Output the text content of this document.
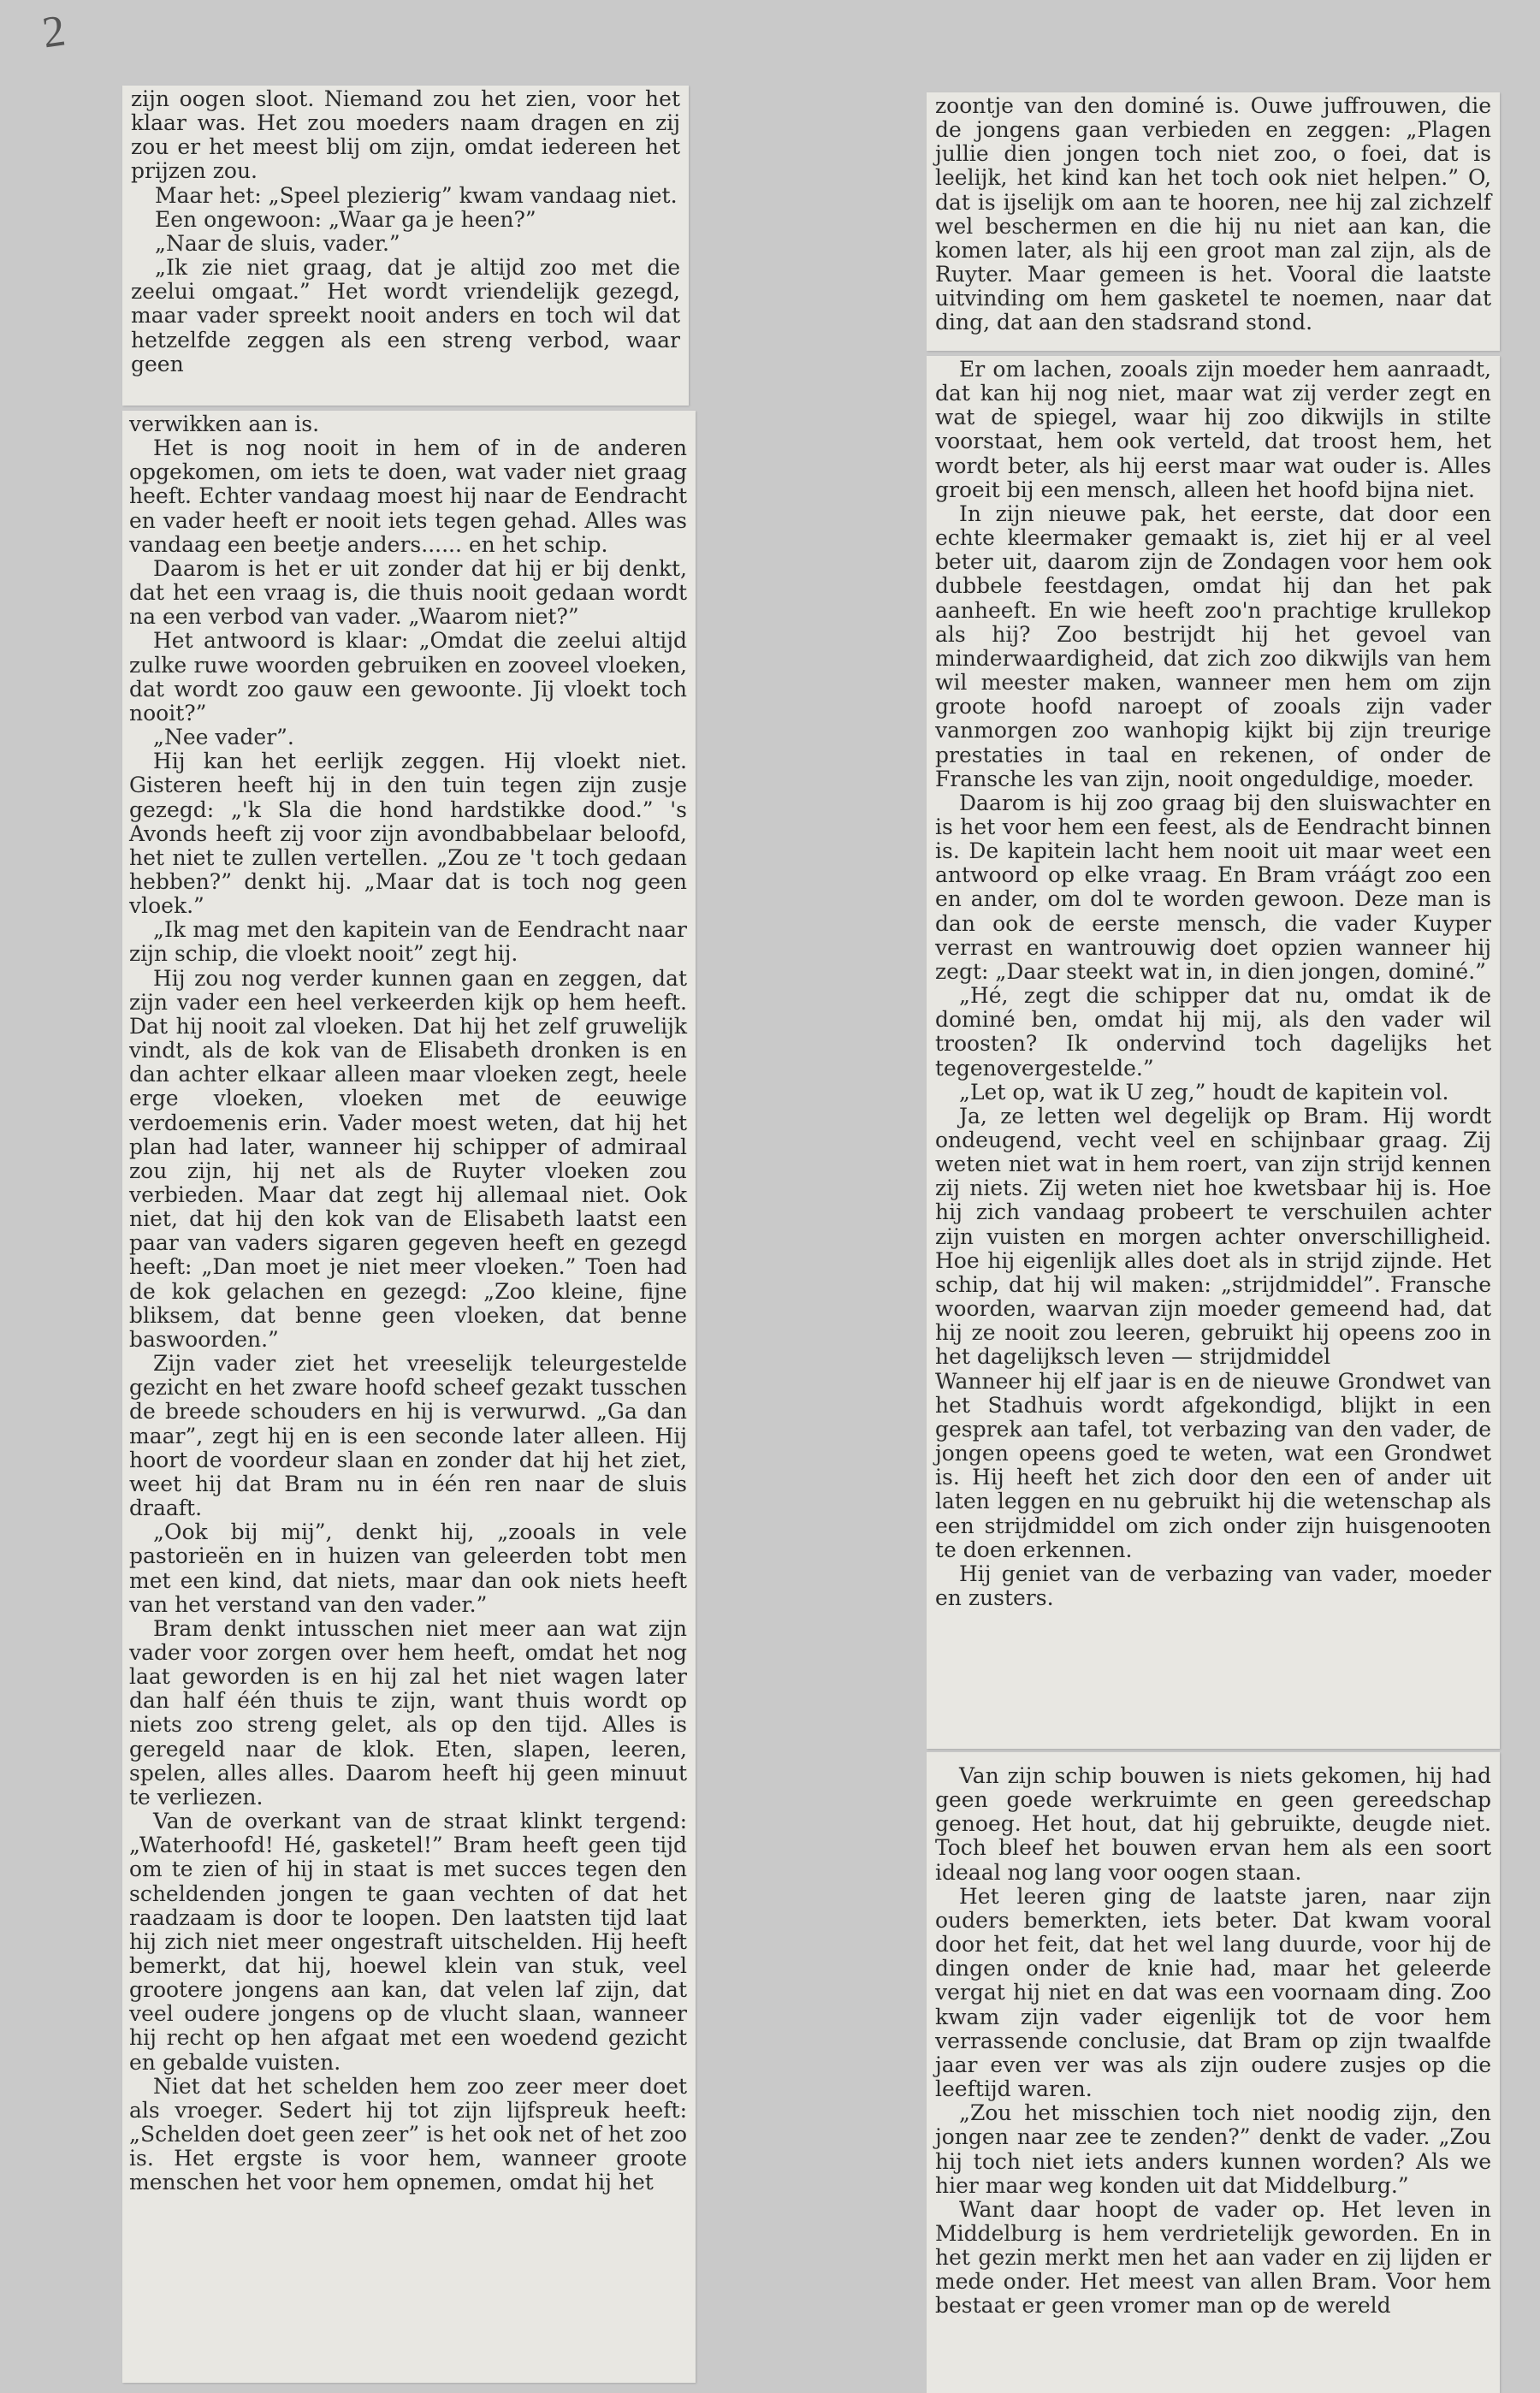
2

zijn oogen sloot. Niemand zou het zien, voor het klaar was. Het zou moeders naam dragen en zij zou er het meest blij om zijn, omdat iedereen het prijzen zou.

Maar het: „Speel plezierig” kwam vandaag niet.

Een ongewoon: „Waar ga je heen?”

„Naar de sluis, vader.”

„Ik zie niet graag, dat je altijd zoo met die zeelui omgaat.” Het wordt vriendelijk gezegd, maar vader spreekt nooit anders en toch wil dat hetzelfde zeggen als een streng verbod, waar geen

verwikken aan is.

Het is nog nooit in hem of in de anderen opgekomen, om iets te doen, wat vader niet graag heeft. Echter vandaag moest hij naar de Eendracht en vader heeft er nooit iets tegen gehad. Alles was vandaag een beetje anders...... en het schip.

Daarom is het er uit zonder dat hij er bij denkt, dat het een vraag is, die thuis nooit gedaan wordt na een verbod van vader. „Waarom niet?”

Het antwoord is klaar: „Omdat die zeelui altijd zulke ruwe woorden gebruiken en zooveel vloeken, dat wordt zoo gauw een gewoonte. Jij vloekt toch nooit?”

„Nee vader”.

Hij kan het eerlijk zeggen. Hij vloekt niet. Gisteren heeft hij in den tuin tegen zijn zusje gezegd: „'k Sla die hond hardstikke dood.” 's Avonds heeft zij voor zijn avondbabbelaar beloofd, het niet te zullen vertellen. „Zou ze 't toch gedaan hebben?” denkt hij. „Maar dat is toch nog geen vloek.”

„Ik mag met den kapitein van de Eendracht naar zijn schip, die vloekt nooit” zegt hij.

Hij zou nog verder kunnen gaan en zeggen, dat zijn vader een heel verkeerden kijk op hem heeft. Dat hij nooit zal vloeken. Dat hij het zelf gruwelijk vindt, als de kok van de Elisabeth dronken is en dan achter elkaar alleen maar vloeken zegt, heele erge vloeken, vloeken met de eeuwige verdoemenis erin. Vader moest weten, dat hij het plan had later, wanneer hij schipper of admiraal zou zijn, hij net als de Ruyter vloeken zou verbieden. Maar dat zegt hij allemaal niet. Ook niet, dat hij den kok van de Elisabeth laatst een paar van vaders sigaren gegeven heeft en gezegd heeft: „Dan moet je niet meer vloeken.” Toen had de kok gelachen en gezegd: „Zoo kleine, fijne bliksem, dat benne geen vloeken, dat benne baswoorden.”

Zijn vader ziet het vreeselijk teleurgestelde gezicht en het zware hoofd scheef gezakt tusschen de breede schouders en hij is verwurwd. „Ga dan maar”, zegt hij en is een seconde later alleen. Hij hoort de voordeur slaan en zonder dat hij het ziet, weet hij dat Bram nu in één ren naar de sluis draaft.

„Ook bij mij”, denkt hij, „zooals in vele pastorieën en in huizen van geleerden tobt men met een kind, dat niets, maar dan ook niets heeft van het verstand van den vader.”

Bram denkt intusschen niet meer aan wat zijn vader voor zorgen over hem heeft, omdat het nog laat geworden is en hij zal het niet wagen later dan half één thuis te zijn, want thuis wordt op niets zoo streng gelet, als op den tijd. Alles is geregeld naar de klok. Eten, slapen, leeren, spelen, alles alles. Daarom heeft hij geen minuut te verliezen.

Van de overkant van de straat klinkt tergend: „Waterhoofd! Hé, gasketel!” Bram heeft geen tijd om te zien of hij in staat is met succes tegen den scheldenden jongen te gaan vechten of dat het raadzaam is door te loopen. Den laatsten tijd laat hij zich niet meer ongestraft uitschelden. Hij heeft bemerkt, dat hij, hoewel klein van stuk, veel grootere jongens aan kan, dat velen laf zijn, dat veel oudere jongens op de vlucht slaan, wanneer hij recht op hen afgaat met een woedend gezicht en gebalde vuisten.

Niet dat het schelden hem zoo zeer meer doet als vroeger. Sedert hij tot zijn lijfspreuk heeft: „Schelden doet geen zeer” is het ook net of het zoo is. Het ergste is voor hem, wanneer groote menschen het voor hem opnemen, omdat hij het

zoontje van den dominé is. Ouwe juffrouwen, die de jongens gaan verbieden en zeggen: „Plagen jullie dien jongen toch niet zoo, o foei, dat is leelijk, het kind kan het toch ook niet helpen.” O, dat is ijselijk om aan te hooren, nee hij zal zichzelf wel beschermen en die hij nu niet aan kan, die komen later, als hij een groot man zal zijn, als de Ruyter. Maar gemeen is het. Vooral die laatste uitvinding om hem gasketel te noemen, naar dat ding, dat aan den stadsrand stond.

Er om lachen, zooals zijn moeder hem aanraadt, dat kan hij nog niet, maar wat zij verder zegt en wat de spiegel, waar hij zoo dikwijls in stilte voorstaat, hem ook verteld, dat troost hem, het wordt beter, als hij eerst maar wat ouder is. Alles groeit bij een mensch, alleen het hoofd bijna niet.

In zijn nieuwe pak, het eerste, dat door een echte kleermaker gemaakt is, ziet hij er al veel beter uit, daarom zijn de Zondagen voor hem ook dubbele feestdagen, omdat hij dan het pak aanheeft. En wie heeft zoo'n prachtige krullekop als hij? Zoo bestrijdt hij het gevoel van minderwaardigheid, dat zich zoo dikwijls van hem wil meester maken, wanneer men hem om zijn groote hoofd naroept of zooals zijn vader vanmorgen zoo wanhopig kijkt bij zijn treurige prestaties in taal en rekenen, of onder de Fransche les van zijn, nooit ongeduldige, moeder.

Daarom is hij zoo graag bij den sluiswachter en is het voor hem een feest, als de Eendracht binnen is. De kapitein lacht hem nooit uit maar weet een antwoord op elke vraag. En Bram vráágt zoo een en ander, om dol te worden gewoon. Deze man is dan ook de eerste mensch, die vader Kuyper verrast en wantrouwig doet opzien wanneer hij zegt: „Daar steekt wat in, in dien jongen, dominé.”

„Hé, zegt die schipper dat nu, omdat ik de dominé ben, omdat hij mij, als den vader wil troosten? Ik ondervind toch dagelijks het tegenovergestelde.”

„Let op, wat ik U zeg,” houdt de kapitein vol.

Ja, ze letten wel degelijk op Bram. Hij wordt ondeugend, vecht veel en schijnbaar graag. Zij weten niet wat in hem roert, van zijn strijd kennen zij niets. Zij weten niet hoe kwetsbaar hij is. Hoe hij zich vandaag probeert te verschuilen achter zijn vuisten en morgen achter onverschilligheid. Hoe hij eigenlijk alles doet als in strijd zijnde. Het schip, dat hij wil maken: „strijdmiddel”. Fransche woorden, waarvan zijn moeder gemeend had, dat hij ze nooit zou leeren, gebruikt hij opeens zoo in het dagelijksch leven — strijdmiddel

Wanneer hij elf jaar is en de nieuwe Grondwet van het Stadhuis wordt afgekondigd, blijkt in een gesprek aan tafel, tot verbazing van den vader, de jongen opeens goed te weten, wat een Grondwet is. Hij heeft het zich door den een of ander uit laten leggen en nu gebruikt hij die wetenschap als een strijdmiddel om zich onder zijn huisgenooten te doen erkennen.

Hij geniet van de verbazing van vader, moeder en zusters.

Van zijn schip bouwen is niets gekomen, hij had geen goede werkruimte en geen gereedschap genoeg. Het hout, dat hij gebruikte, deugde niet. Toch bleef het bouwen ervan hem als een soort ideaal nog lang voor oogen staan.

Het leeren ging de laatste jaren, naar zijn ouders bemerkten, iets beter. Dat kwam vooral door het feit, dat het wel lang duurde, voor hij de dingen onder de knie had, maar het geleerde vergat hij niet en dat was een voornaam ding. Zoo kwam zijn vader eigenlijk tot de voor hem verrassende conclusie, dat Bram op zijn twaalfde jaar even ver was als zijn oudere zusjes op die leeftijd waren.

„Zou het misschien toch niet noodig zijn, den jongen naar zee te zenden?” denkt de vader. „Zou hij toch niet iets anders kunnen worden? Als we hier maar weg konden uit dat Middelburg.”

Want daar hoopt de vader op. Het leven in Middelburg is hem verdrietelijk geworden. En in het gezin merkt men het aan vader en zij lijden er mede onder. Het meest van allen Bram. Voor hem bestaat er geen vromer man op de wereld
